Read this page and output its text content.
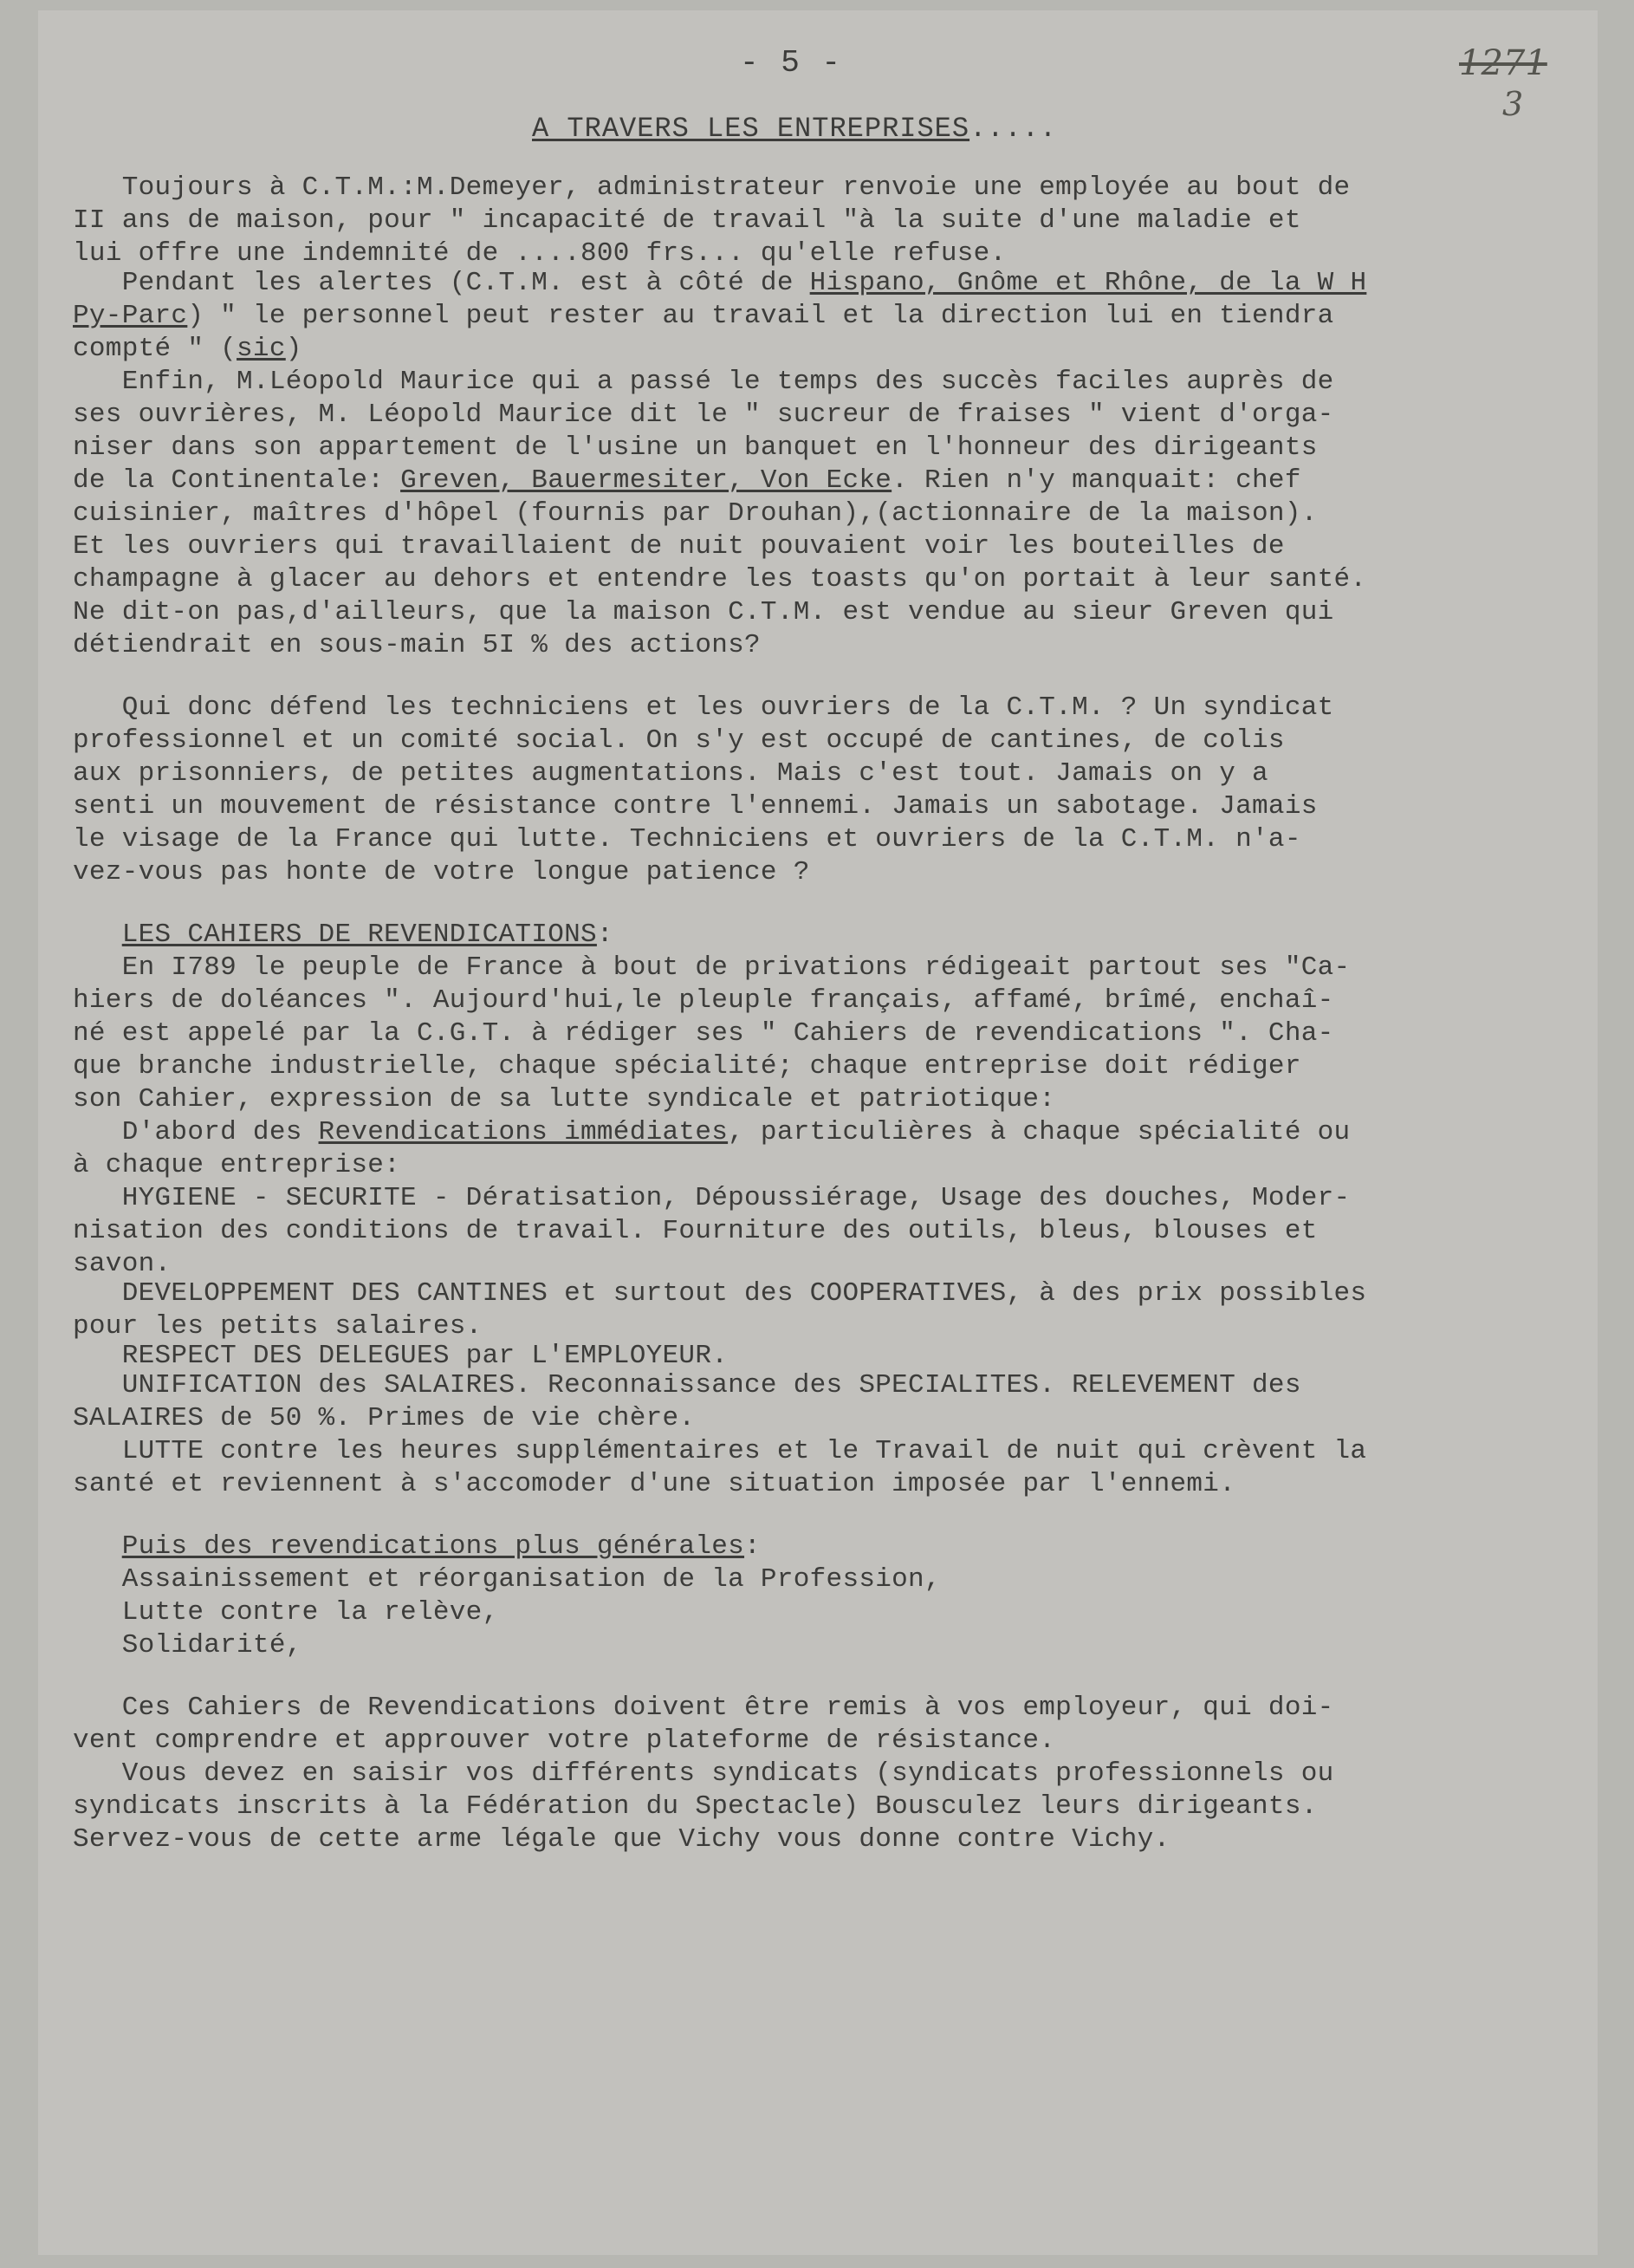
- 5 -	1271
3
A TRAVERS LES ENTREPRISES.....
Toujours à C.T.M.:M.Demeyer, administrateur renvoie une employée au bout de
II ans de maison, pour " incapacité de travail "à la suite d'une maladie et
lui offre une indemnité de ....800 frs... qu'elle refuse.
Pendant les alertes (C.T.M. est à côté de Hispano, Gnôme et Rhône, de la W H
Py-Parc) " le personnel peut rester au travail et la direction lui en tiendra
compté " (sic)
Enfin, M.Léopold Maurice qui a passé le temps des succès faciles auprès de
ses ouvrières, M. Léopold Maurice dit le " sucreur de fraises " vient d'orga-
niser dans son appartement de l'usine un banquet en l'honneur des dirigeants
de la Continentale: Greven, Bauermesiter, Von Ecke. Rien n'y manquait: chef
cuisinier, maîtres d'hôpel (fournis par Drouhan),(actionnaire de la maison).
Et les ouvriers qui travaillaient de nuit pouvaient voir les bouteilles de
champagne à glacer au dehors et entendre les toasts qu'on portait à leur santé.
Ne dit-on pas,d'ailleurs, que la maison C.T.M. est vendue au sieur Greven qui
détiendrait en sous-main 5I % des actions?
Qui donc défend les techniciens et les ouvriers de la C.T.M. ? Un syndicat
professionnel et un comité social. On s'y est occupé de cantines, de colis
aux prisonniers, de petites augmentations. Mais c'est tout. Jamais on y a
senti un mouvement de résistance contre l'ennemi. Jamais un sabotage. Jamais
le visage de la France qui lutte. Techniciens et ouvriers de la C.T.M. n'a-
vez-vous pas honte de votre longue patience ?
LES CAHIERS DE REVENDICATIONS:
En I789 le peuple de France à bout de privations rédigeait partout ses "Ca-
hiers de doléances ". Aujourd'hui,le pleuple français, affamé, brîmé, enchaî-
né est appelé par la C.G.T. à rédiger ses " Cahiers de revendications ". Cha-
que branche industrielle, chaque spécialité; chaque entreprise doit rédiger
son Cahier, expression de sa lutte syndicale et patriotique:
D'abord des Revendications immédiates, particulières à chaque spécialité ou
à chaque entreprise:
HYGIENE - SECURITE - Dératisation, Dépoussiérage, Usage des douches, Moder-
nisation des conditions de travail. Fourniture des outils, bleus, blouses et
savon.
DEVELOPPEMENT DES CANTINES et surtout des COOPERATIVES, à des prix possibles
pour les petits salaires.
RESPECT DES DELEGUES par L'EMPLOYEUR.
UNIFICATION des SALAIRES. Reconnaissance des SPECIALITES. RELEVEMENT des
SALAIRES de 50 %. Primes de vie chère.
LUTTE contre les heures supplémentaires et le Travail de nuit qui crèvent la
santé et reviennent à s'accomoder d'une situation imposée par l'ennemi.
Puis des revendications plus générales:
Assainissement et réorganisation de la Profession,
Lutte contre la relève,
Solidarité,
Ces Cahiers de Revendications doivent être remis à vos employeur, qui doi-
vent comprendre et approuver votre plateforme de résistance.
Vous devez en saisir vos différents syndicats (syndicats professionnels ou
syndicats inscrits à la Fédération du Spectacle) Bousculez leurs dirigeants.
Servez-vous de cette arme légale que Vichy vous donne contre Vichy.
